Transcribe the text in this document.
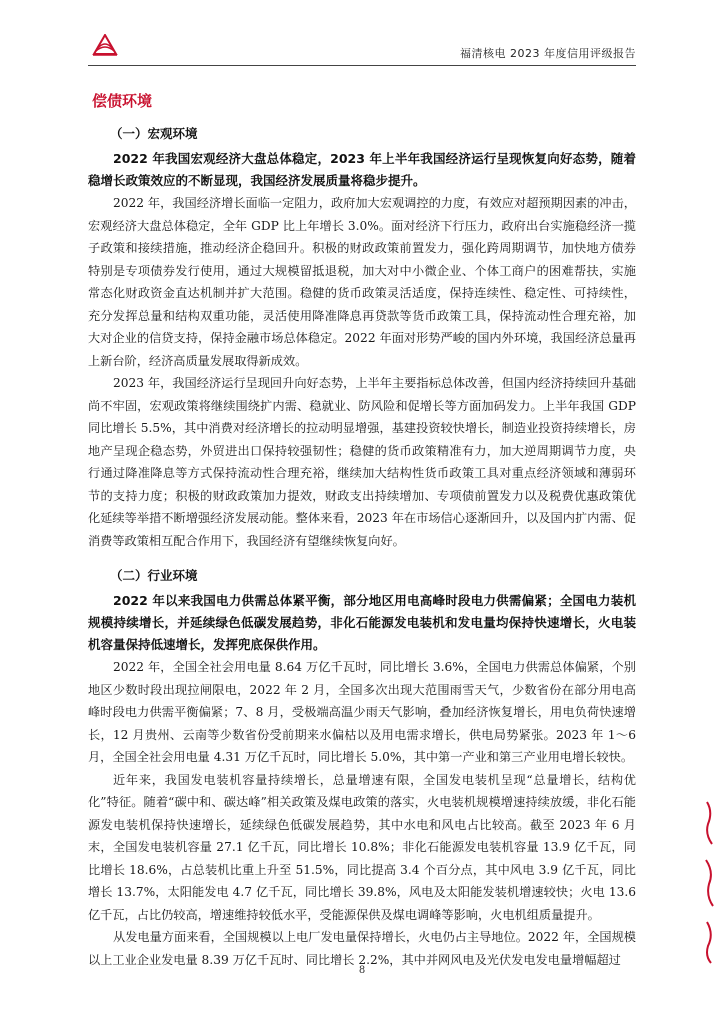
福清核电 2023 年度信用评级报告
偿债环境
（一）宏观环境

2022 年我国宏观经济大盘总体稳定，2023 年上半年我国经济运行呈现恢复向好态势，随着稳增长政策效应的不断显现，我国经济发展质量将稳步提升。

2022 年，我国经济增长面临一定阻力，政府加大宏观调控的力度，有效应对超预期因素的冲击，宏观经济大盘总体稳定，全年 GDP 比上年增长 3.0%。面对经济下行压力，政府出台实施稳经济一揽子政策和接续措施，推动经济企稳回升。积极的财政政策前置发力，强化跨周期调节，加快地方债券特别是专项债券发行使用，通过大规模留抵退税，加大对中小微企业、个体工商户的困难帮扶，实施常态化财政资金直达机制并扩大范围。稳健的货币政策灵活适度，保持连续性、稳定性、可持续性，充分发挥总量和结构双重功能，灵活使用降准降息再贷款等货币政策工具，保持流动性合理充裕，加大对企业的信贷支持，保持金融市场总体稳定。2022 年面对形势严峻的国内外环境，我国经济总量再上新台阶，经济高质量发展取得新成效。

2023 年，我国经济运行呈现回升向好态势，上半年主要指标总体改善，但国内经济持续回升基础尚不牢固，宏观政策将继续围绕扩内需、稳就业、防风险和促增长等方面加码发力。上半年我国 GDP 同比增长 5.5%，其中消费对经济增长的拉动明显增强，基建投资较快增长，制造业投资持续增长，房地产呈现企稳态势，外贸进出口保持较强韧性；稳健的货币政策精准有力，加大逆周期调节力度，央行通过降准降息等方式保持流动性合理充裕，继续加大结构性货币政策工具对重点经济领域和薄弱环节的支持力度；积极的财政政策加力提效，财政支出持续增加、专项债前置发力以及税费优惠政策优化延续等举措不断增强经济发展动能。整体来看，2023 年在市场信心逐渐回升，以及国内扩内需、促消费等政策相互配合作用下，我国经济有望继续恢复向好。

（二）行业环境

2022 年以来我国电力供需总体紧平衡，部分地区用电高峰时段电力供需偏紧；全国电力装机规模持续增长，并延续绿色低碳发展趋势，非化石能源发电装机和发电量均保持快速增长，火电装机容量保持低速增长，发挥兜底保供作用。

2022 年，全国全社会用电量 8.64 万亿千瓦时，同比增长 3.6%，全国电力供需总体偏紧，个别地区少数时段出现拉闸限电，2022 年 2 月，全国多次出现大范围雨雪天气，少数省份在部分用电高峰时段电力供需平衡偏紧；7、8 月，受极端高温少雨天气影响，叠加经济恢复增长，用电负荷快速增长，12 月贵州、云南等少数省份受前期来水偏枯以及用电需求增长，供电局势紧张。2023 年 1～6 月，全国全社会用电量 4.31 万亿千瓦时，同比增长 5.0%，其中第一产业和第三产业用电增长较快。

近年来，我国发电装机容量持续增长，总量增速有限，全国发电装机呈现“总量增长，结构优化”特征。随着“碳中和、碳达峰”相关政策及煤电政策的落实，火电装机规模增速持续放缓，非化石能源发电装机保持快速增长，延续绿色低碳发展趋势，其中水电和风电占比较高。截至 2023 年 6 月末，全国发电装机容量 27.1 亿千瓦，同比增长 10.8%；非化石能源发电装机容量 13.9 亿千瓦，同比增长 18.6%，占总装机比重上升至 51.5%，同比提高 3.4 个百分点，其中风电 3.9 亿千瓦，同比增长 13.7%，太阳能发电 4.7 亿千瓦，同比增长 39.8%，风电及太阳能发装机增速较快；火电 13.6 亿千瓦，占比仍较高，增速维持较低水平，受能源保供及煤电调峰等影响，火电机组质量提升。

从发电量方面来看，全国规模以上电厂发电量保持增长，火电仍占主导地位。2022 年，全国规模以上工业企业发电量 8.39 万亿千瓦时、同比增长 2.2%，其中并网风电及光伏发电发电量增幅超过

8
